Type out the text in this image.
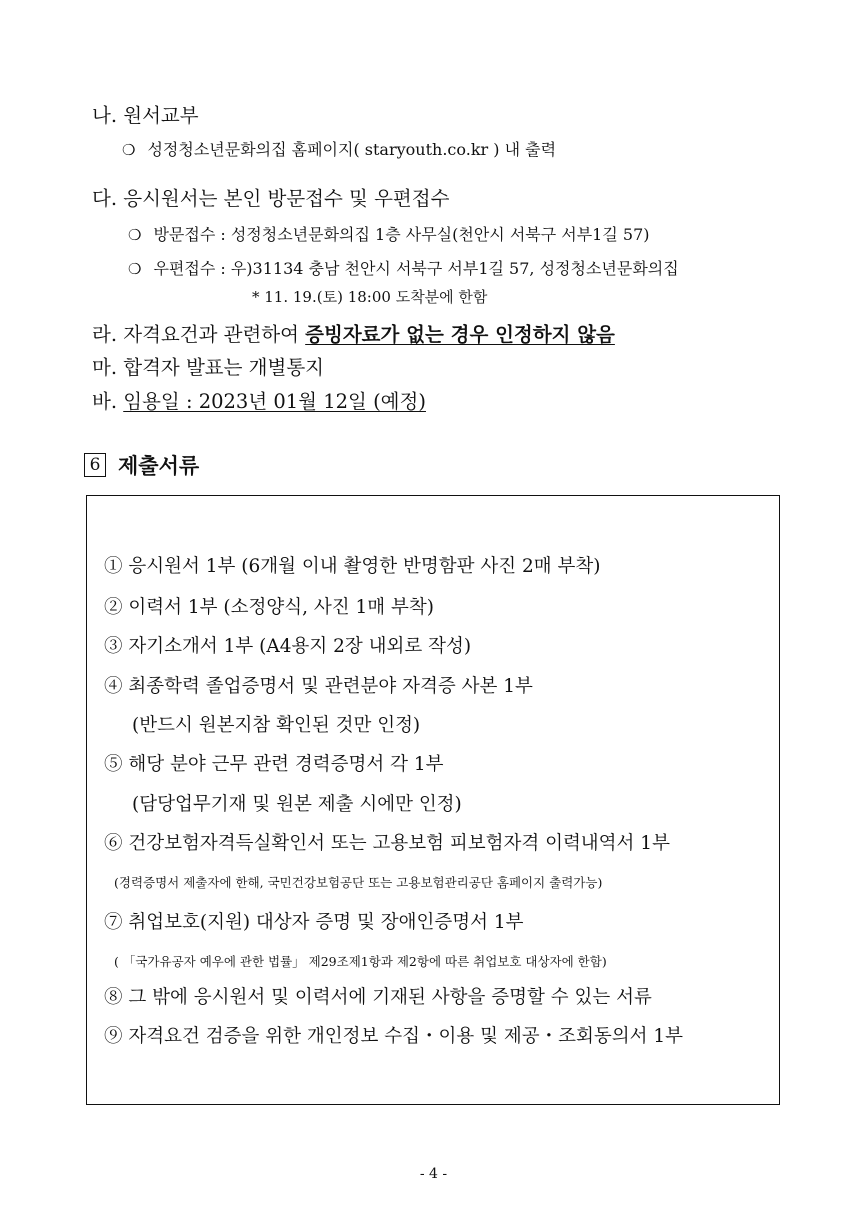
나. 원서교부
❍ 성정청소년문화의집 홈페이지( staryouth.co.kr ) 내 출력
다. 응시원서는 본인 방문접수 및 우편접수
❍ 방문접수 : 성정청소년문화의집 1층 사무실(천안시 서북구 서부1길 57)
❍ 우편접수 : 우)31134 충남 천안시 서북구 서부1길 57, 성정청소년문화의집
* 11. 19.(토) 18:00 도착분에 한함
라. 자격요건과 관련하여 증빙자료가 없는 경우 인정하지 않음
마. 합격자 발표는 개별통지
바. 임용일 : 2023년 01월 12일 (예정)
6 제출서류
① 응시원서 1부 (6개월 이내 촬영한 반명함판 사진 2매 부착)
② 이력서 1부 (소정양식, 사진 1매 부착)
③ 자기소개서 1부 (A4용지 2장 내외로 작성)
④ 최종학력 졸업증명서 및 관련분야 자격증 사본 1부
(반드시 원본지참 확인된 것만 인정)
⑤ 해당 분야 근무 관련 경력증명서 각 1부
(담당업무기재 및 원본 제출 시에만 인정)
⑥ 건강보험자격득실확인서 또는 고용보험 피보험자격 이력내역서 1부
(경력증명서 제출자에 한해, 국민건강보험공단 또는 고용보험관리공단 홈페이지 출력가능)
⑦ 취업보호(지원) 대상자 증명 및 장애인증명서 1부
( 「국가유공자 예우에 관한 법률」 제29조제1항과 제2항에 따른 취업보호 대상자에 한함)
⑧ 그 밖에 응시원서 및 이력서에 기재된 사항을 증명할 수 있는 서류
⑨ 자격요건 검증을 위한 개인정보 수집・이용 및 제공・조회동의서 1부
- 4 -
